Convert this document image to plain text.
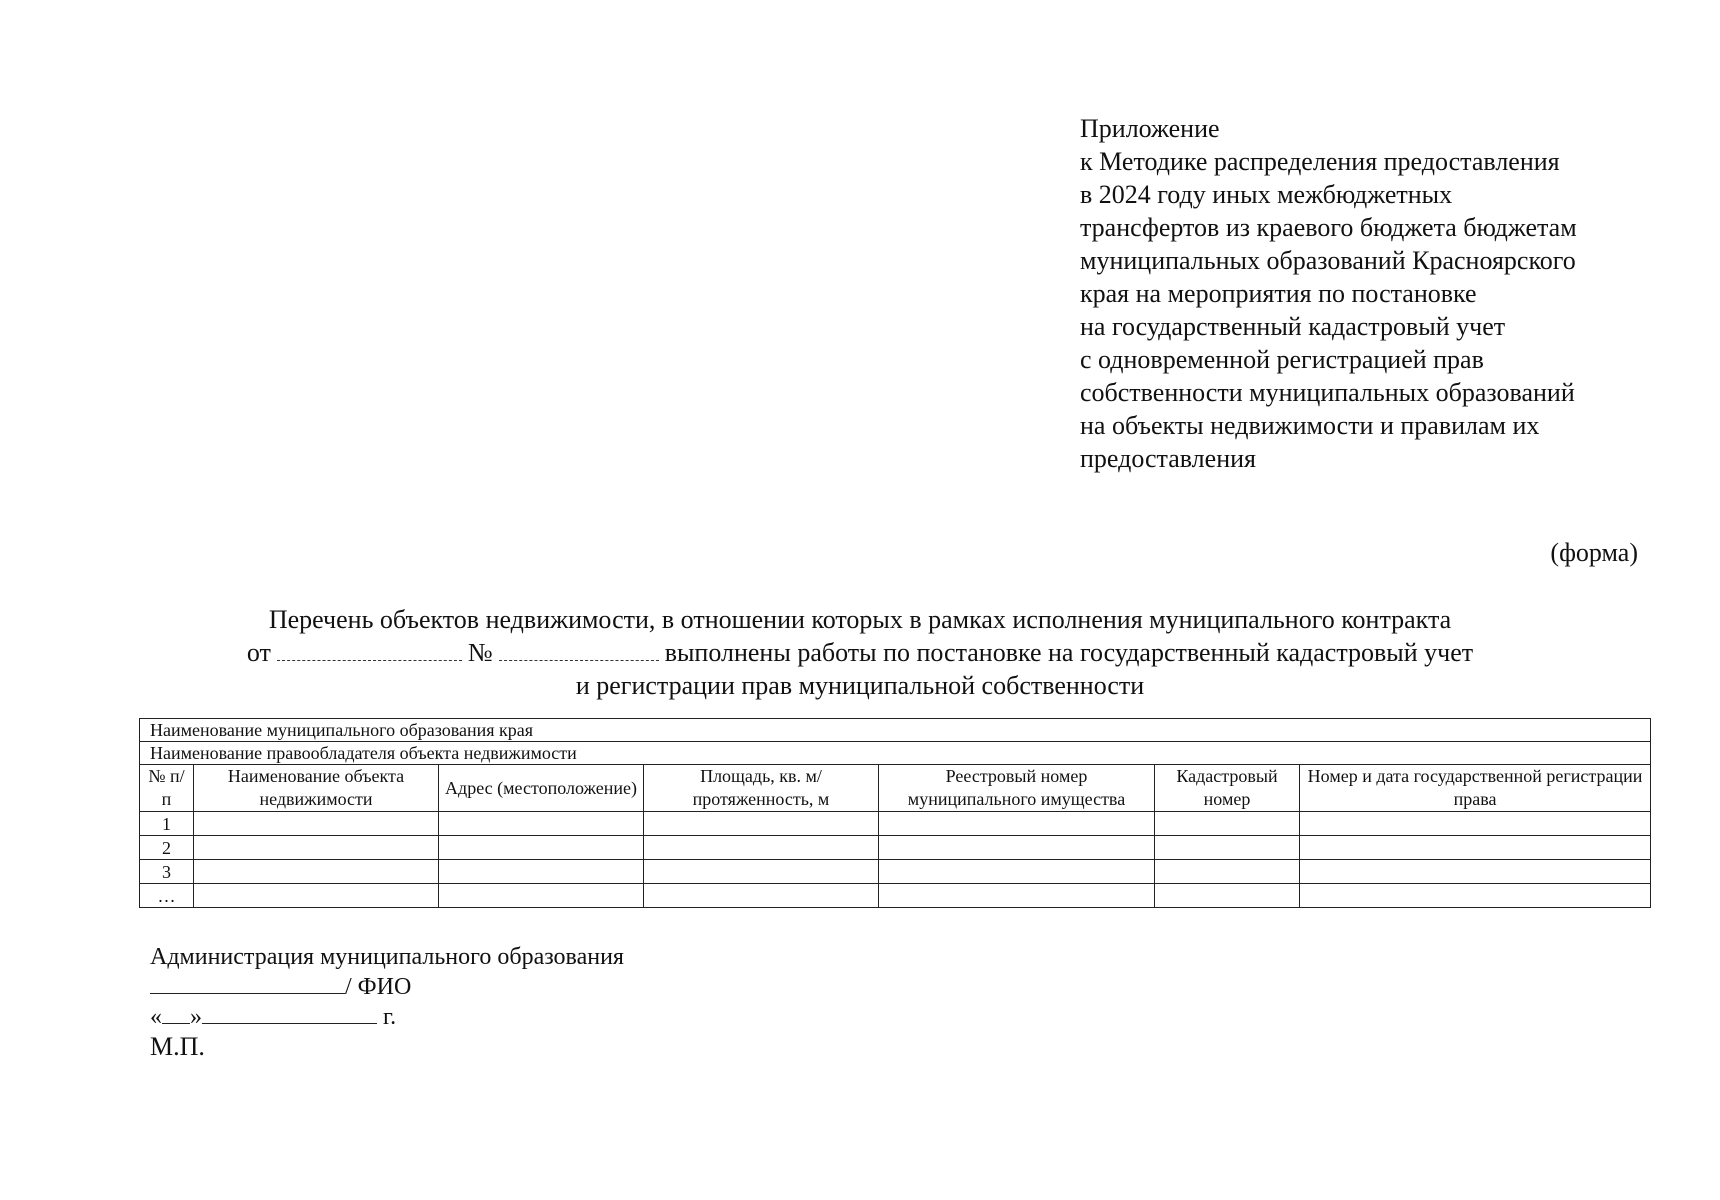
Приложение
к Методике распределения предоставления
в 2024 году иных межбюджетных
трансфертов из краевого бюджета бюджетам
муниципальных образований Красноярского
края на мероприятия по постановке
на государственный кадастровый учет
с одновременной регистрацией прав
собственности муниципальных образований
на объекты недвижимости и правилам их
предоставления
(форма)
Перечень объектов недвижимости, в отношении которых в рамках исполнения муниципального контракта
от	№	выполнены работы по постановке на государственный кадастровый учет
и регистрации прав муниципальной собственности
Наименование муниципального образования края						
Наименование правообладателя объекта недвижимости						
№ п/п	Наименование объекта недвижимости	Адрес (местоположение)	Площадь, кв. м/ протяженность, м	Реестровый номер муниципального имущества	Кадастровый номер	Номер и дата государственной регистрации права
1						
2						
3						
…						
Администрация муниципального образования
/ ФИО
« »	г.
М.П.
